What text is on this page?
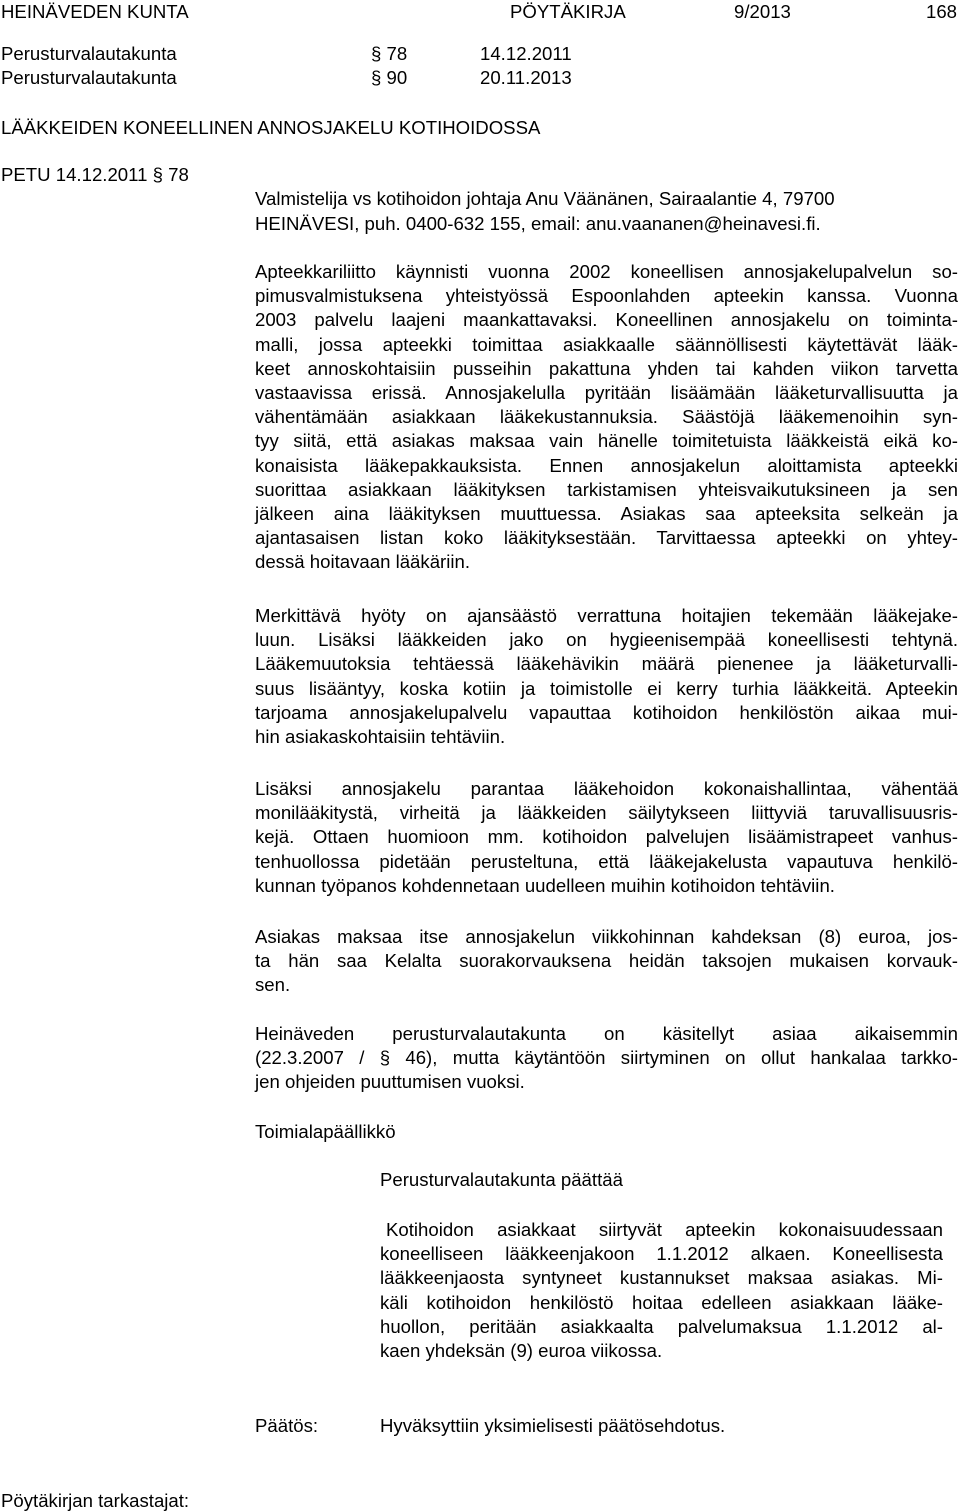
HEINÄVEDEN KUNTA	PÖYTÄKIRJA	9/2013	168
Perusturvalautakunta	§ 78	14.12.2011
Perusturvalautakunta	§ 90	20.11.2013
LÄÄKKEIDEN KONEELLINEN ANNOSJAKELU KOTIHOIDOSSA
PETU 14.12.2011 § 78
Valmistelija vs kotihoidon johtaja Anu Väänänen, Sairaalantie 4, 79700
HEINÄVESI, puh. 0400-632 155, email: anu.vaananen@heinavesi.fi.
Apteekkariliitto käynnisti vuonna 2002 koneellisen annosjakelupalvelun so-
pimusvalmistuksena yhteistyössä Espoonlahden apteekin kanssa. Vuonna
2003 palvelu laajeni maankattavaksi. Koneellinen annosjakelu on toiminta-
malli, jossa apteekki toimittaa asiakkaalle säännöllisesti käytettävät lääk-
keet annoskohtaisiin pusseihin pakattuna yhden tai kahden viikon tarvetta
vastaavissa erissä. Annosjakelulla pyritään lisäämään lääketurvallisuutta ja
vähentämään asiakkaan lääkekustannuksia. Säästöjä lääkemenoihin syn-
tyy siitä, että asiakas maksaa vain hänelle toimitetuista lääkkeistä eikä ko-
konaisista lääkepakkauksista. Ennen annosjakelun aloittamista apteekki
suorittaa asiakkaan lääkityksen tarkistamisen yhteisvaikutuksineen ja sen
jälkeen aina lääkityksen muuttuessa. Asiakas saa apteeksita selkeän ja
ajantasaisen listan koko lääkityksestään. Tarvittaessa apteekki on yhtey-
dessä hoitavaan lääkäriin.
Merkittävä hyöty on ajansäästö verrattuna hoitajien tekemään lääkejake-
luun. Lisäksi lääkkeiden jako on hygieenisempää koneellisesti tehtynä.
Lääkemuutoksia tehtäessä lääkehävikin määrä pienenee ja lääketurvalli-
suus lisääntyy, koska kotiin ja toimistolle ei kerry turhia lääkkeitä. Apteekin
tarjoama annosjakelupalvelu vapauttaa kotihoidon henkilöstön aikaa mui-
hin asiakaskohtaisiin tehtäviin.
Lisäksi annosjakelu parantaa lääkehoidon kokonaishallintaa, vähentää
monilääkitystä, virheitä ja lääkkeiden säilytykseen liittyviä taruvallisuusris-
kejä. Ottaen huomioon mm. kotihoidon palvelujen lisäämistrapeet vanhus-
tenhuollossa pidetään perusteltuna, että lääkejakelusta vapautuva henkilö-
kunnan työpanos kohdennetaan uudelleen muihin kotihoidon tehtäviin.
Asiakas maksaa itse annosjakelun viikkohinnan kahdeksan (8) euroa, jos-
ta hän saa Kelalta suorakorvauksena heidän taksojen mukaisen korvauk-
sen.
Heinäveden perusturvalautakunta on käsitellyt asiaa aikaisemmin
(22.3.2007 / § 46), mutta käytäntöön siirtyminen on ollut hankalaa tarkko-
jen ohjeiden puuttumisen vuoksi.
Toimialapäällikkö
Perusturvalautakunta päättää
Kotihoidon asiakkaat siirtyvät apteekin kokonaisuudessaan
koneelliseen lääkkeenjakoon 1.1.2012 alkaen. Koneellisesta
lääkkeenjaosta syntyneet kustannukset maksaa asiakas. Mi-
käli kotihoidon henkilöstö hoitaa edelleen asiakkaan lääke-
huollon, peritään asiakkaalta palvelumaksua 1.1.2012 al-
kaen yhdeksän (9) euroa viikossa.
Päätös:	Hyväksyttiin yksimielisesti päätösehdotus.
Pöytäkirjan tarkastajat:
